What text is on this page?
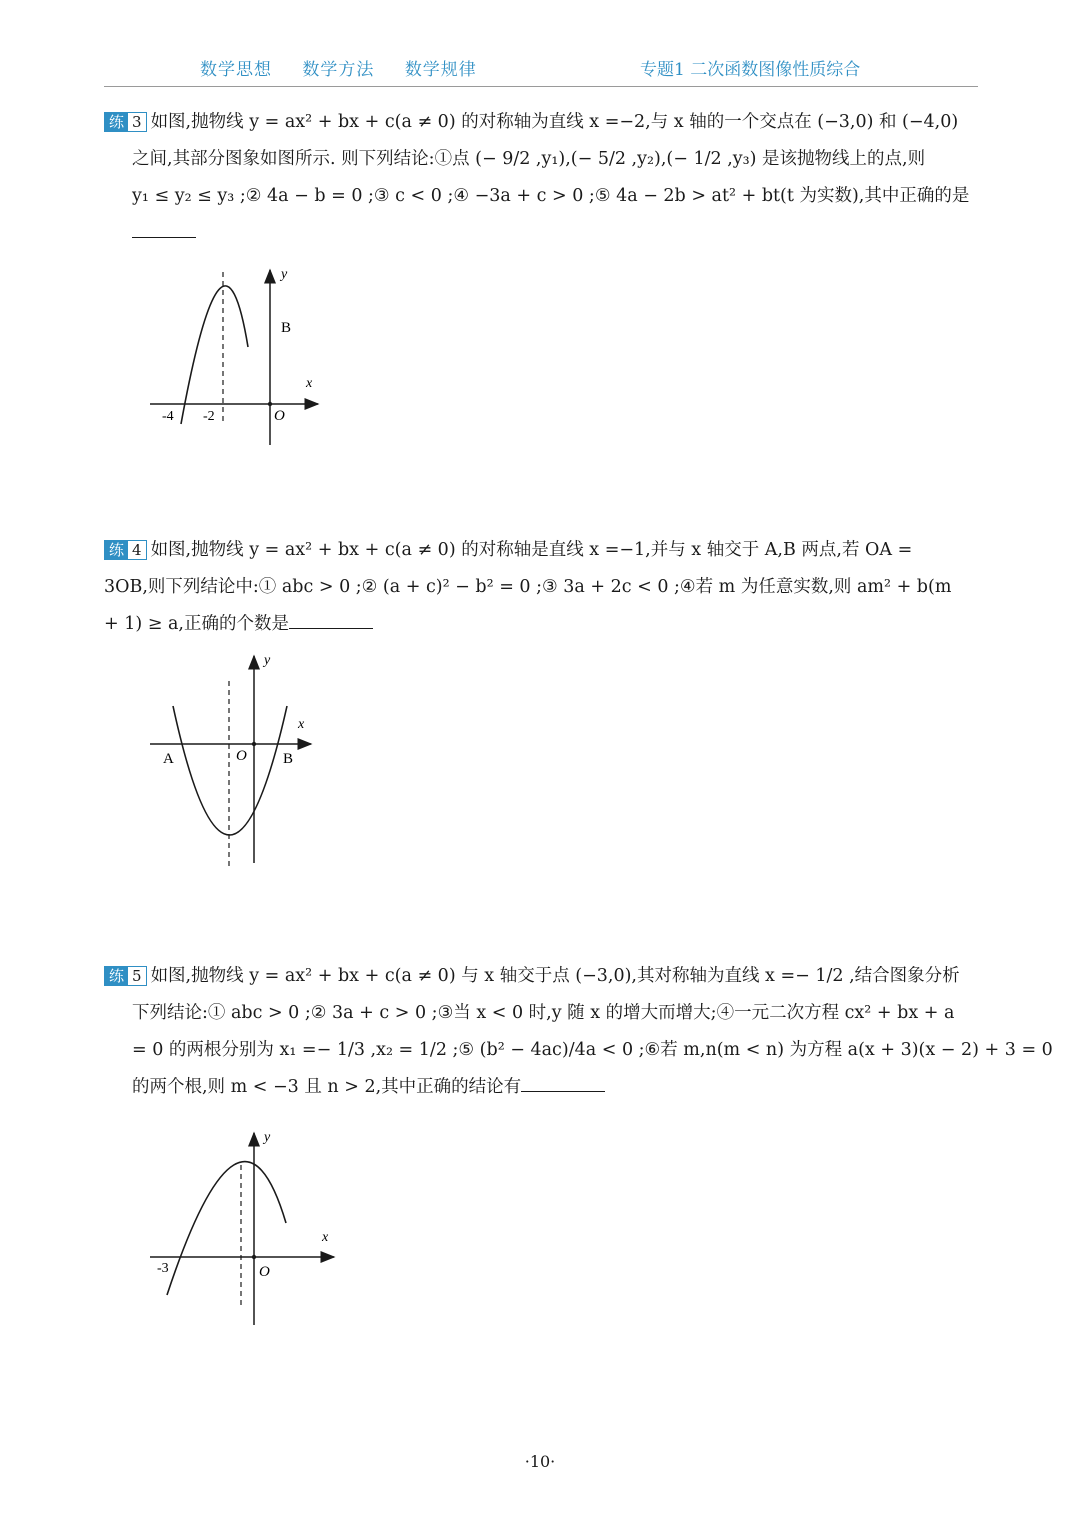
数学思想 数学方法 数学规律	专题1 二次函数图像性质综合
练 3 如图,抛物线 y = ax² + bx + c(a ≠ 0) 的对称轴为直线 x =−2,与 x 轴的一个交点在 (−3,0) 和 (−4,0)
之间,其部分图象如图所示. 则下列结论:①点 (− 9/2 ,y₁),(− 5/2 ,y₂),(− 1/2 ,y₃) 是该抛物线上的点,则
y₁ ≤ y₂ ≤ y₃ ;② 4a − b = 0 ;③ c < 0 ;④ −3a + c > 0 ;⑤ 4a − 2b > at² + bt(t 为实数),其中正确的是
y
x
O
-4 -2
B
练 4 如图,抛物线 y = ax² + bx + c(a ≠ 0) 的对称轴是直线 x =−1,并与 x 轴交于 A,B 两点,若 OA =
3OB,则下列结论中:① abc > 0 ;② (a + c)² − b² = 0 ;③ 3a + 2c < 0 ;④若 m 为任意实数,则 am² + b(m
+ 1) ≥ a,正确的个数是
y
x
O
A	B
练 5 如图,抛物线 y = ax² + bx + c(a ≠ 0) 与 x 轴交于点 (−3,0),其对称轴为直线 x =− 1/2 ,结合图象分析
下列结论:① abc > 0 ;② 3a + c > 0 ;③当 x < 0 时,y 随 x 的增大而增大;④一元二次方程 cx² + bx + a
= 0 的两根分别为 x₁ =− 1/3 ,x₂ = 1/2 ;⑤ (b² − 4ac)/4a < 0 ;⑥若 m,n(m < n) 为方程 a(x + 3)(x − 2) + 3 = 0
的两个根,则 m < −3 且 n > 2,其中正确的结论有
y
x
O
-3
·10·
